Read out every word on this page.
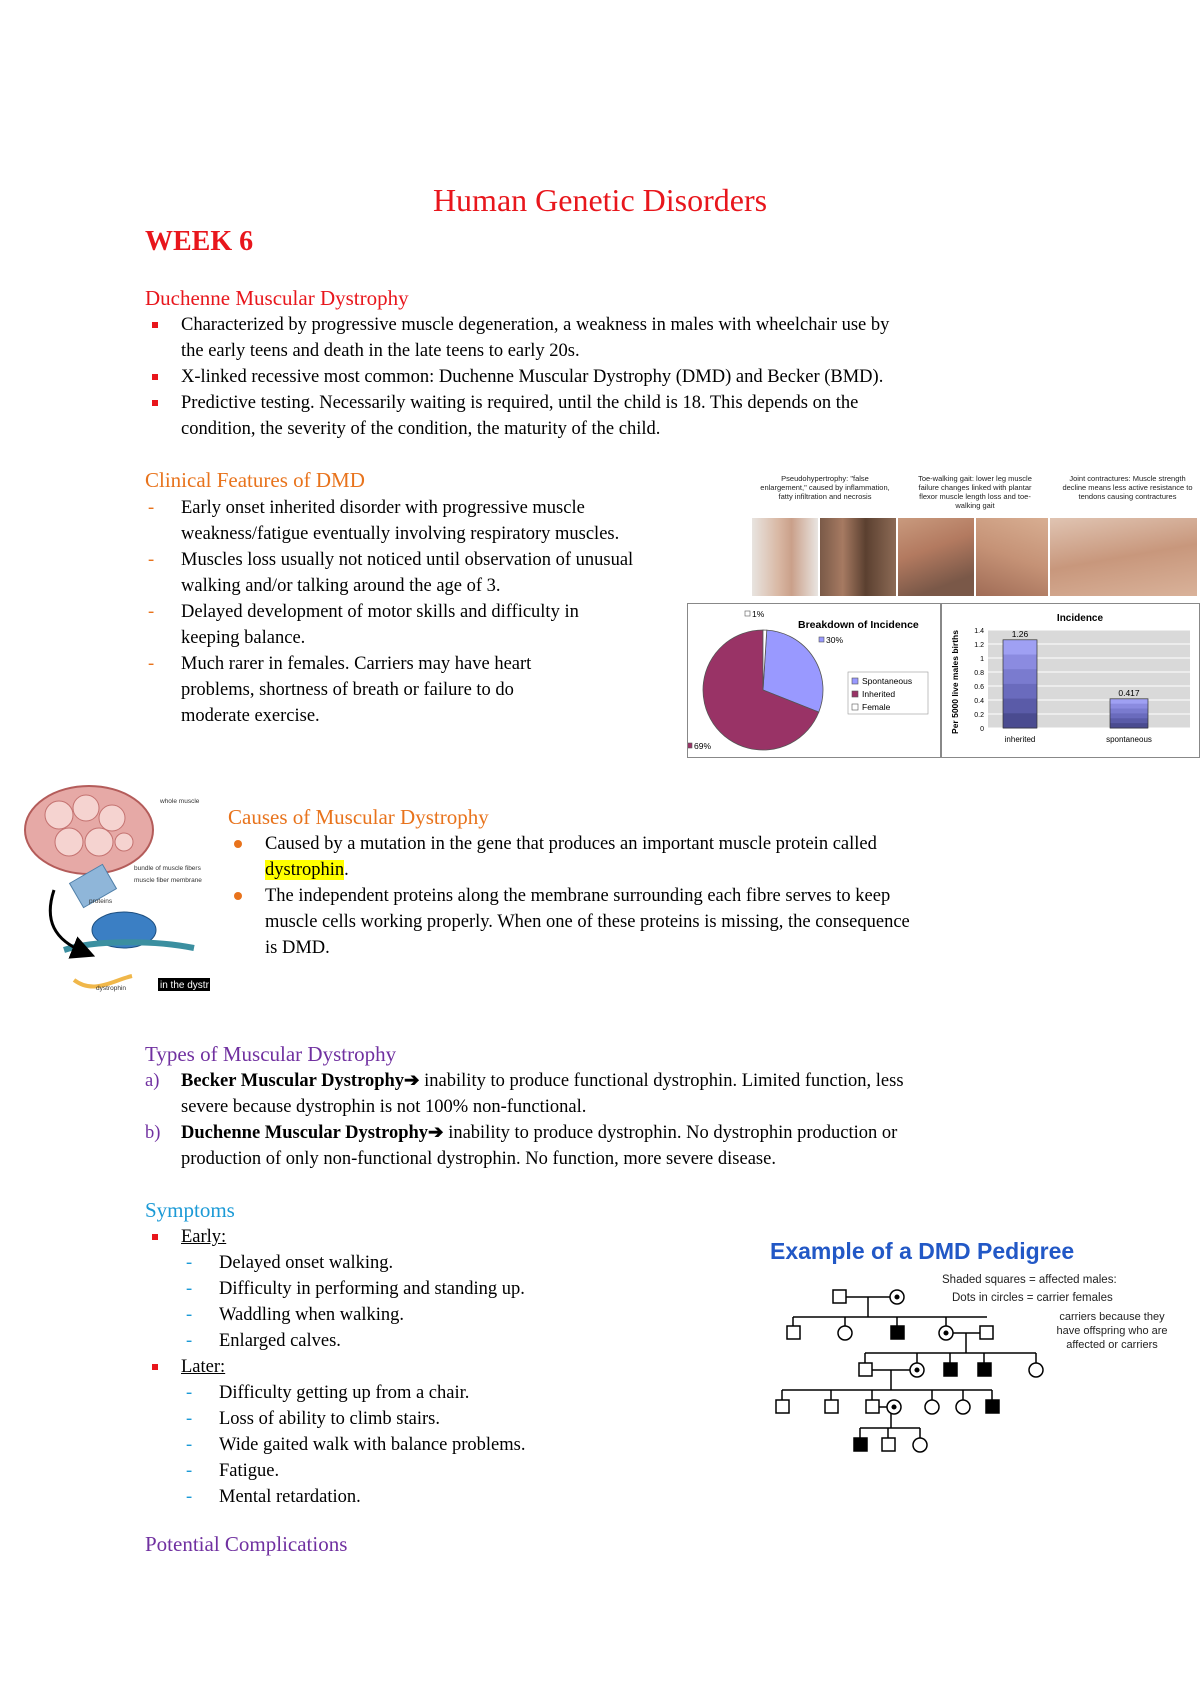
Human Genetic Disorders
WEEK 6
Duchenne Muscular Dystrophy
Characterized by progressive muscle degeneration, a weakness in males with wheelchair use by
the early teens and death in the late teens to early 20s.
X-linked recessive most common: Duchenne Muscular Dystrophy (DMD) and Becker (BMD).
Predictive testing. Necessarily waiting is required, until the child is 18. This depends on the
condition, the severity of the condition, the maturity of the child.
Clinical Features of DMD
- Early onset inherited disorder with progressive muscle
weakness/fatigue eventually involving respiratory muscles.
- Muscles loss usually not noticed until observation of unusual
walking and/or talking around the age of 3.
- Delayed development of motor skills and difficulty in
keeping balance.
- Much rarer in females. Carriers may have heart
problems, shortness of breath or failure to do
moderate exercise.
Pseudohypertrophy: "false enlargement," caused by inflammation, fatty infiltration and necrosis
Toe-walking gait: lower leg muscle failure changes linked with plantar flexor muscle length loss and toe-walking gait
Joint contractures: Muscle strength decline means less active resistance to tendons causing contractures
Breakdown of Incidence
30%
69%
1%
Spontaneous
Inherited
Female
Incidence
Per 5000 live males births	0
0.2
0.4
0.6
0.8
1
1.2
1.4	1.26
inherited
0.417
spontaneous
whole muscle
bundle of muscle fibers
muscle fiber membrane
proteins
dystrophin	in the dystr
Causes of Muscular Dystrophy
Caused by a mutation in the gene that produces an important muscle protein called
dystrophin.
The independent proteins along the membrane surrounding each fibre serves to keep
muscle cells working properly. When one of these proteins is missing, the consequence
is DMD.
Types of Muscular Dystrophy
a) Becker Muscular Dystrophy➔ inability to produce functional dystrophin. Limited function, less
severe because dystrophin is not 100% non-functional.
b) Duchenne Muscular Dystrophy➔ inability to produce dystrophin. No dystrophin production or
production of only non-functional dystrophin. No function, more severe disease.
Symptoms
Early:
- Delayed onset walking.
- Difficulty in performing and standing up.
- Waddling when walking.
- Enlarged calves.
Later:
- Difficulty getting up from a chair.
- Loss of ability to climb stairs.
- Wide gaited walk with balance problems.
- Fatigue.
- Mental retardation.
Example of a DMD Pedigree
Shaded squares = affected males:
Dots in circles = carrier females
carriers because they
have offspring who are
affected or carriers
Potential Complications
